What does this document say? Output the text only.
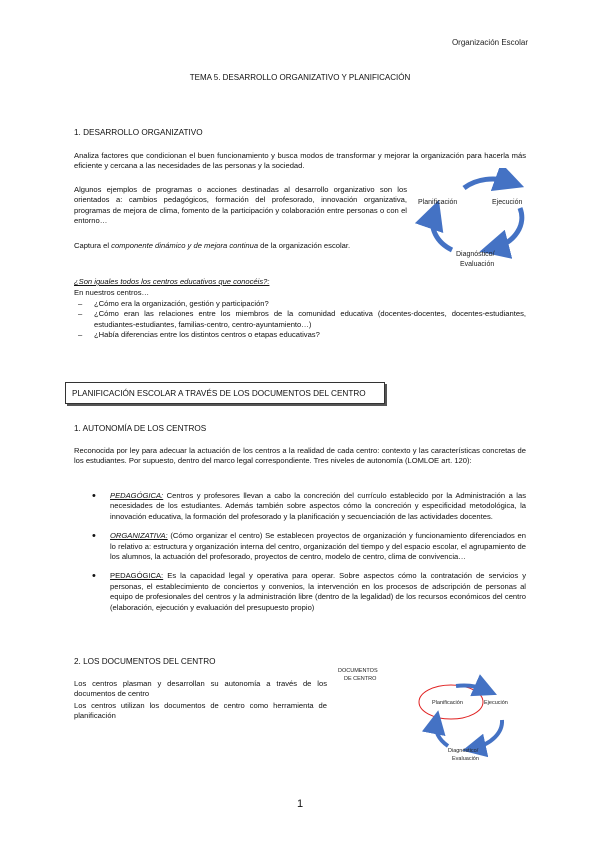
Organización Escolar
TEMA 5. DESARROLLO ORGANIZATIVO Y PLANIFICACIÓN
1. DESARROLLO ORGANIZATIVO
Analiza factores que condicionan el buen funcionamiento y busca modos de transformar y mejorar la organización para hacerla más eficiente y cercana a las necesidades de las personas y la sociedad.
Algunos ejemplos de programas o acciones destinadas al desarrollo organizativo son los orientados a: cambios pedagógicos, formación del profesorado, innovación organizativa, programas de mejora de clima, fomento de la participación y colaboración entre personas o con el entorno…
Captura el componente dinámico y de mejora continua de la organización escolar.
Planificación	Ejecución
Diagnóstico/
Evaluación
¿Son iguales todos los centros educativos que conocéis?:
En nuestros centros…
– ¿Cómo era la organización, gestión y participación?
– ¿Cómo eran las relaciones entre los miembros de la comunidad educativa (docentes-docentes, docentes-estudiantes, estudiantes-estudiantes, familias-centro, centro-ayuntamiento…)
– ¿Había diferencias entre los distintos centros o etapas educativas?
PLANIFICACIÓN ESCOLAR A TRAVÉS DE LOS DOCUMENTOS DEL CENTRO
1. AUTONOMÍA DE LOS CENTROS
Reconocida por ley para adecuar la actuación de los centros a la realidad de cada centro: contexto y las características concretas de los estudiantes. Por supuesto, dentro del marco legal correspondiente. Tres niveles de autonomía (LOMLOE art. 120):
• PEDAGÓGICA: Centros y profesores llevan a cabo la concreción del currículo establecido por la Administración a las necesidades de los estudiantes. Además también sobre aspectos cómo la concreción y especificidad metodológica, la innovación educativa, la formación del profesorado y la planificación y secuenciación de las actividades docentes.
• ORGANIZATIVA: (Cómo organizar el centro) Se establecen proyectos de organización y funcionamiento diferenciados en lo relativo a: estructura y organización interna del centro, organización del tiempo y del espacio escolar, el agrupamiento de los alumnos, la actuación del profesorado, proyectos de centro, modelo de centro, clima de convivencia…
• PEDAGÓGICA: Es la capacidad legal y operativa para operar. Sobre aspectos cómo la contratación de servicios y personas, el establecimiento de conciertos y convenios, la intervención en los procesos de adscripción de personas al equipo de profesionales del centros y la administración libre (dentro de la legalidad) de los recursos económicos del centro (elaboración, ejecución y evaluación del presupuesto propio)
2. LOS DOCUMENTOS DEL CENTRO
Los centros plasman y desarrollan su autonomía a través de los documentos de centro
Los centros utilizan los documentos de centro como herramienta de planificación
DOCUMENTOS
DE CENTRO
Planificación	Ejecución
Diagnóstico/
Evaluación
1
